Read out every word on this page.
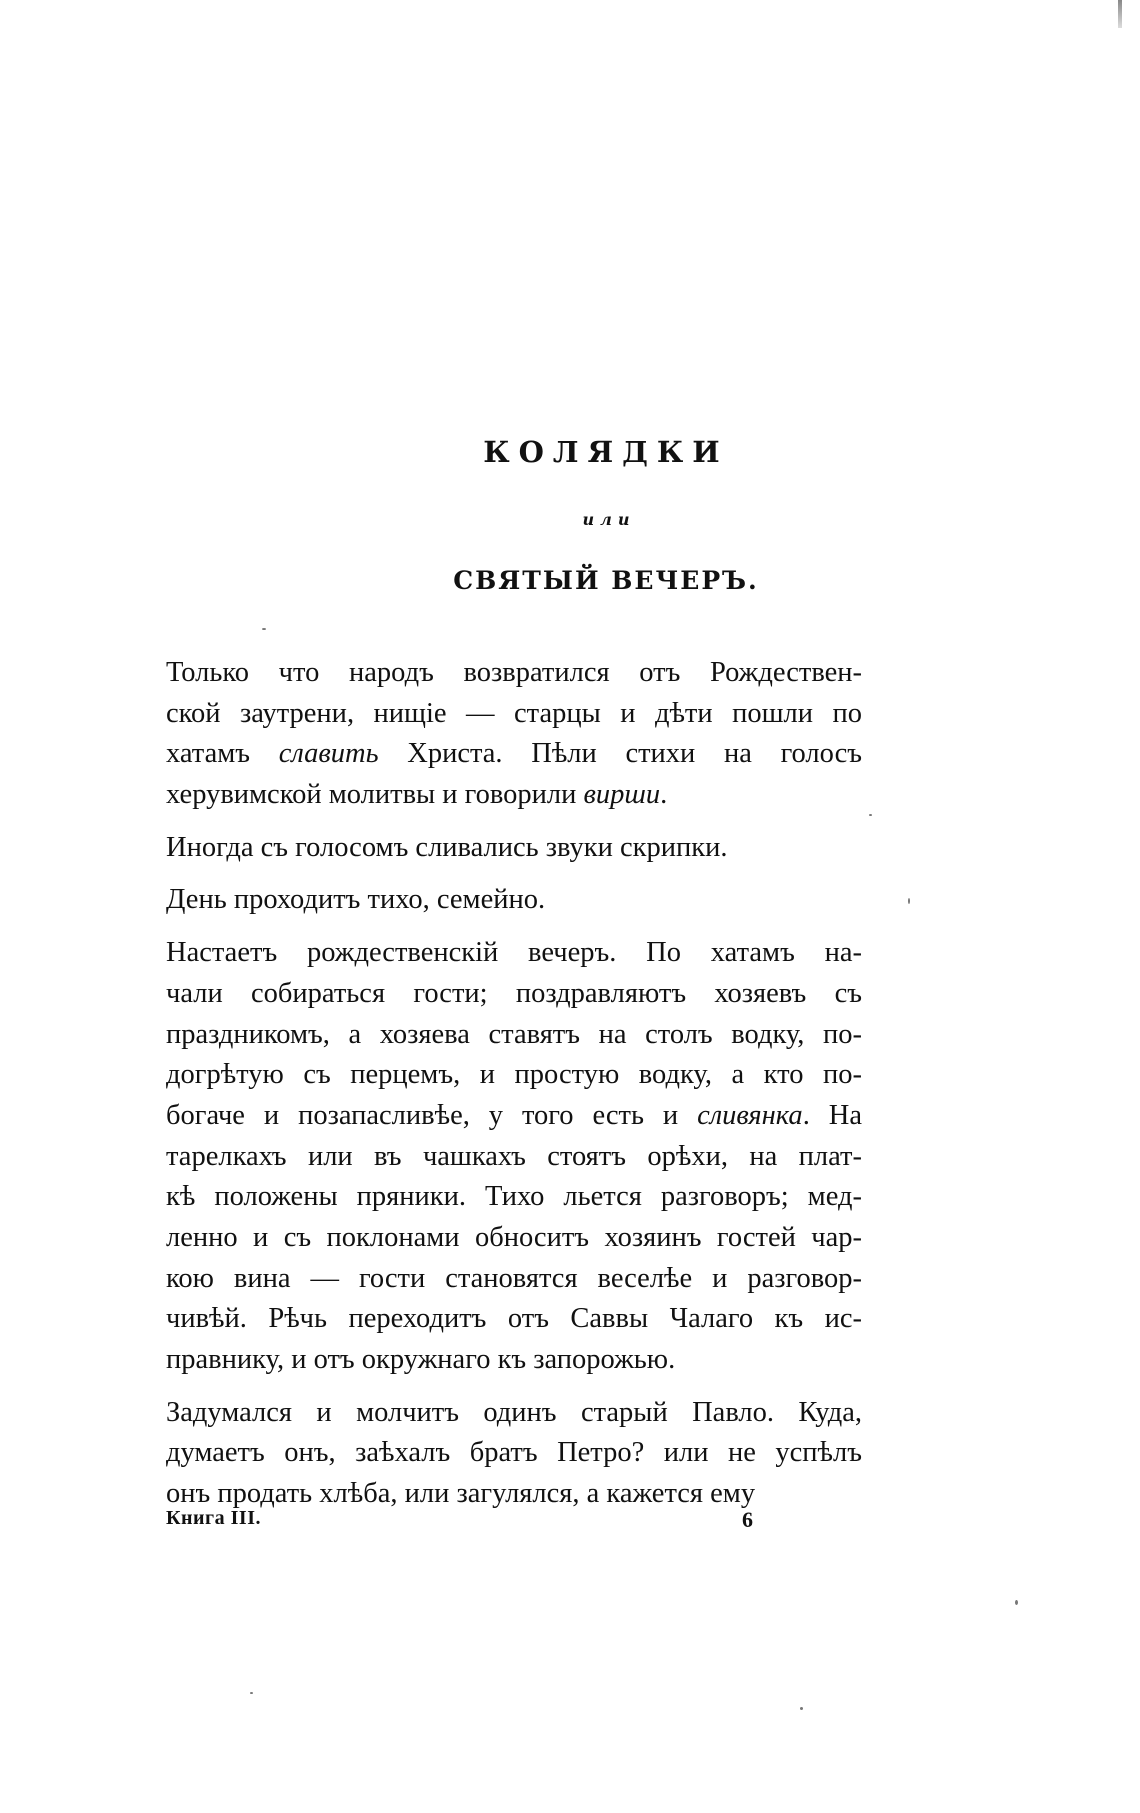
КОЛЯДКИ
или
СВЯТЫЙ ВЕЧЕРЪ.
Только что народъ возвратился отъ Рождествен-
ской заутрени, нищіе — старцы и дѣти пошли по
хатамъ славить Христа. Пѣли стихи на голосъ
херувимской молитвы и говорили вирши.
Иногда съ голосомъ сливались звуки скрипки.
День проходитъ тихо, семейно.
Настаетъ рождественскій вечеръ. По хатамъ на-
чали собираться гости; поздравляютъ хозяевъ съ
праздникомъ, а хозяева ставятъ на столъ водку, по-
догрѣтую съ перцемъ, и простую водку, а кто по-
богаче и позапасливѣе, у того есть и сливянка. На
тарелкахъ или въ чашкахъ стоятъ орѣхи, на плат-
кѣ положены пряники. Тихо льется разговоръ; мед-
ленно и съ поклонами обноситъ хозяинъ гостей чар-
кою вина — гости становятся веселѣе и разговор-
чивѣй. Рѣчь переходитъ отъ Саввы Чалаго къ ис-
правнику, и отъ окружнаго къ запорожью.
Задумался и молчитъ одинъ старый Павло. Куда,
думаетъ онъ, заѣхалъ братъ Петро? или не успѣлъ
онъ продать хлѣба, или загулялся, а кажется ему
Книга III.	6
